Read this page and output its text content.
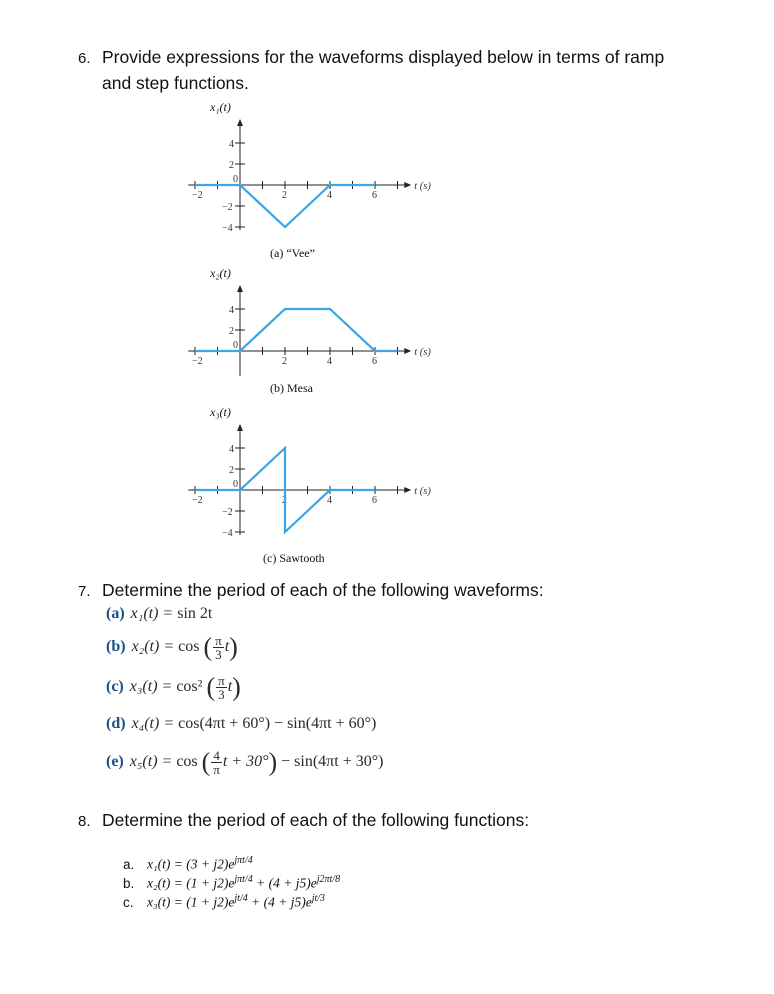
6. Provide expressions for the waveforms displayed below in terms of ramp
and step functions.
x₁(t)
−2
0
2	4	6
4
2
−2
−4
t (s)
(a) “Vee”
x₂(t)
−2
0
2	4	6
4
2
t (s)
(b) Mesa
x₃(t)
−2
0
2	4	6
4
2
−2
−4
t (s)
(c) Sawtooth
7. Determine the period of each of the following waveforms:
(a) x₁(t) = sin 2t
(b) x₂(t) = cos ( $\frac{\pi}{3} t$)
(c) x₃(t) = cos² ( $\frac{\pi}{3} t$)
(d) x₄(t) = cos(4πt + 60°) − sin(4πt + 60°)
(e) x₅(t) = cos ( $\frac{4}{\pi}$ t + 30°) − sin(4πt + 30°)
8. Determine the period of each of the following functions:
a. $x_1(t) = (3 + j2)e^{j\pi t/4}$
b. $x_2(t) = (1 + j2)e^{j\pi t/4} + (4 + j5)e^{j2\pi t/8}$
c. $x_3(t) = (1 + j2)e^{jt/4} + (4 + j5)e^{jt/3}$
